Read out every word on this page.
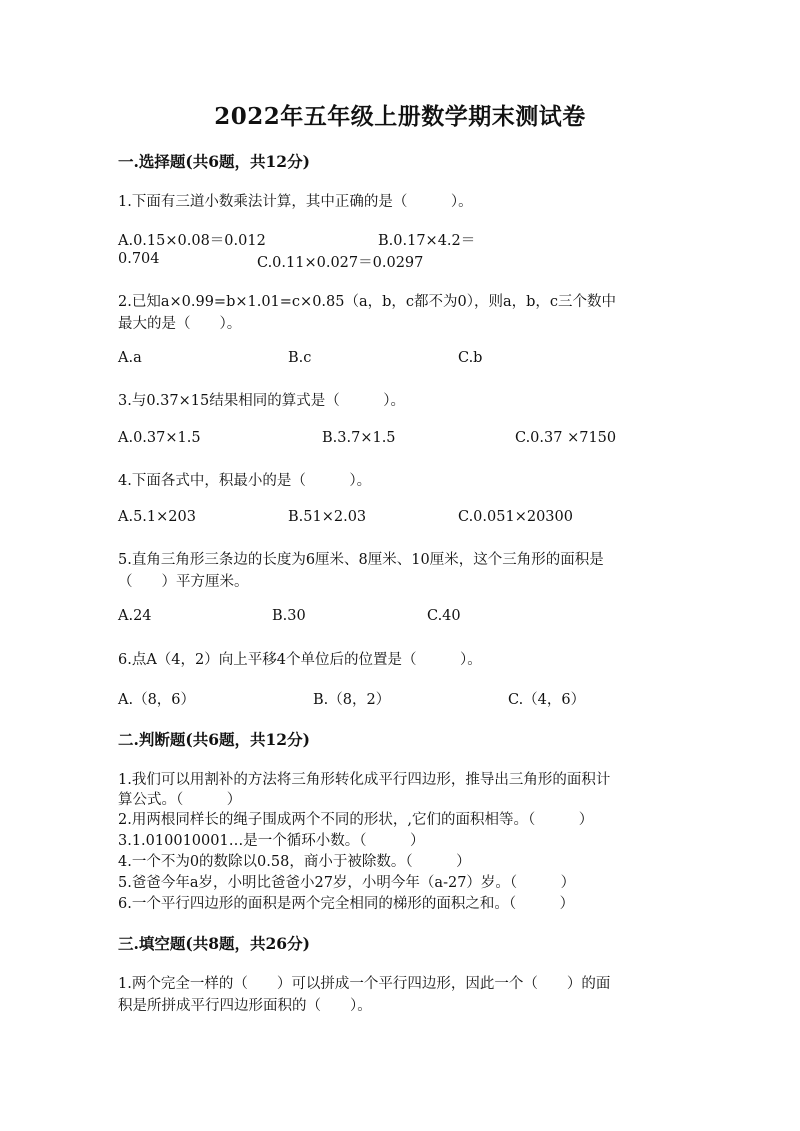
2022年五年级上册数学期末测试卷
一.选择题(共6题，共12分)
1.下面有三道小数乘法计算，其中正确的是（　　　）。
A.0.15×0.08＝0.012	B.0.17×4.2＝
0.704	C.0.11×0.027＝0.0297
2.已知a×0.99=b×1.01=c×0.85（a，b，c都不为0），则a，b，c三个数中
最大的是（　　）。
A.a	B.c	C.b
3.与0.37×15结果相同的算式是（　　　）。
A.0.37×1.5	B.3.7×1.5	C.0.37 ×7150
4.下面各式中，积最小的是（　　　）。
A.5.1×203	B.51×2.03	C.0.051×20300
5.直角三角形三条边的长度为6厘米、8厘米、10厘米，这个三角形的面积是
（　　）平方厘米。
A.24	B.30	C.40
6.点A（4，2）向上平移4个单位后的位置是（　　　）。
A.（8，6）	B.（8，2）	C.（4，6）
二.判断题(共6题，共12分)
1.我们可以用割补的方法将三角形转化成平行四边形，推导出三角形的面积计
算公式。（　　　）
2.用两根同样长的绳子围成两个不同的形状，,它们的面积相等。（　　　）
3.1.010010001…是一个循环小数。（　　　）
4.一个不为0的数除以0.58，商小于被除数。（　　　）
5.爸爸今年a岁，小明比爸爸小27岁，小明今年（a-27）岁。（　　　）
6.一个平行四边形的面积是两个完全相同的梯形的面积之和。（　　　）
三.填空题(共8题，共26分)
1.两个完全一样的（　　）可以拼成一个平行四边形，因此一个（　　）的面
积是所拼成平行四边形面积的（　　）。
